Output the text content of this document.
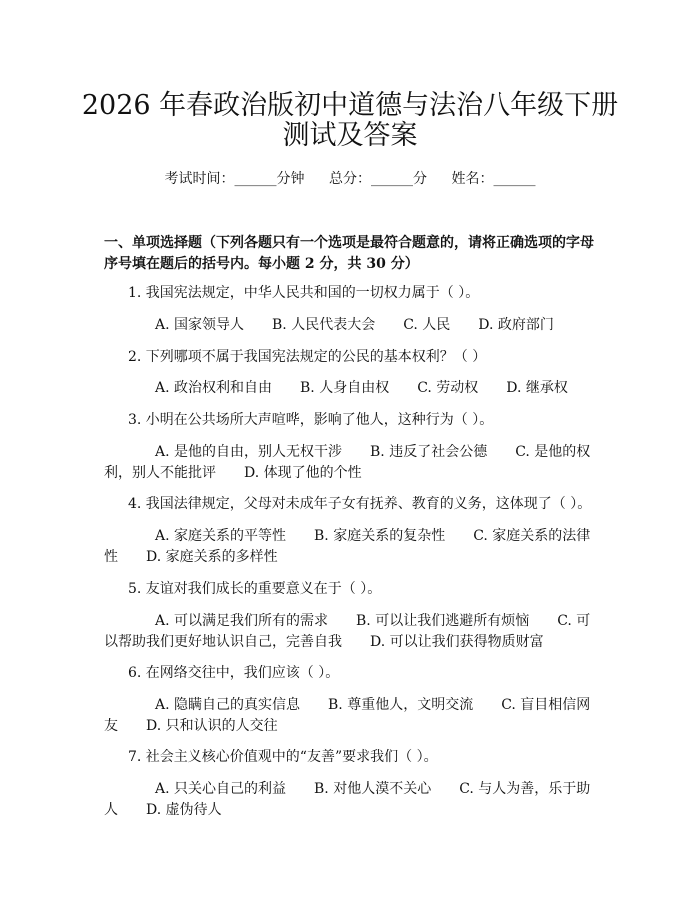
2026 年春政治版初中道德与法治八年级下册
测试及答案
考试时间：______分钟 总分：______分 姓名：______
一、单项选择题（下列各题只有一个选项是最符合题意的，请将正确选项的字母序号填在题后的括号内。每小题 2 分，共 30 分）
1. 我国宪法规定，中华人民共和国的一切权力属于（ ）。
A. 国家领导人　　B. 人民代表大会　　C. 人民　　D. 政府部门
2. 下列哪项不属于我国宪法规定的公民的基本权利？（ ）
A. 政治权利和自由　　B. 人身自由权　　C. 劳动权　　D. 继承权
3. 小明在公共场所大声喧哗，影响了他人，这种行为（ ）。
A. 是他的自由，别人无权干涉　　B. 违反了社会公德　　C. 是他的权
利，别人不能批评　　D. 体现了他的个性
4. 我国法律规定，父母对未成年子女有抚养、教育的义务，这体现了（ ）。
A. 家庭关系的平等性　　B. 家庭关系的复杂性　　C. 家庭关系的法律
性　　D. 家庭关系的多样性
5. 友谊对我们成长的重要意义在于（ ）。
A. 可以满足我们所有的需求　　B. 可以让我们逃避所有烦恼　　C. 可
以帮助我们更好地认识自己，完善自我　　D. 可以让我们获得物质财富
6. 在网络交往中，我们应该（ ）。
A. 隐瞒自己的真实信息　　B. 尊重他人，文明交流　　C. 盲目相信网
友　　D. 只和认识的人交往
7. 社会主义核心价值观中的“友善”要求我们（ ）。
A. 只关心自己的利益　　B. 对他人漠不关心　　C. 与人为善，乐于助
人　　D. 虚伪待人
